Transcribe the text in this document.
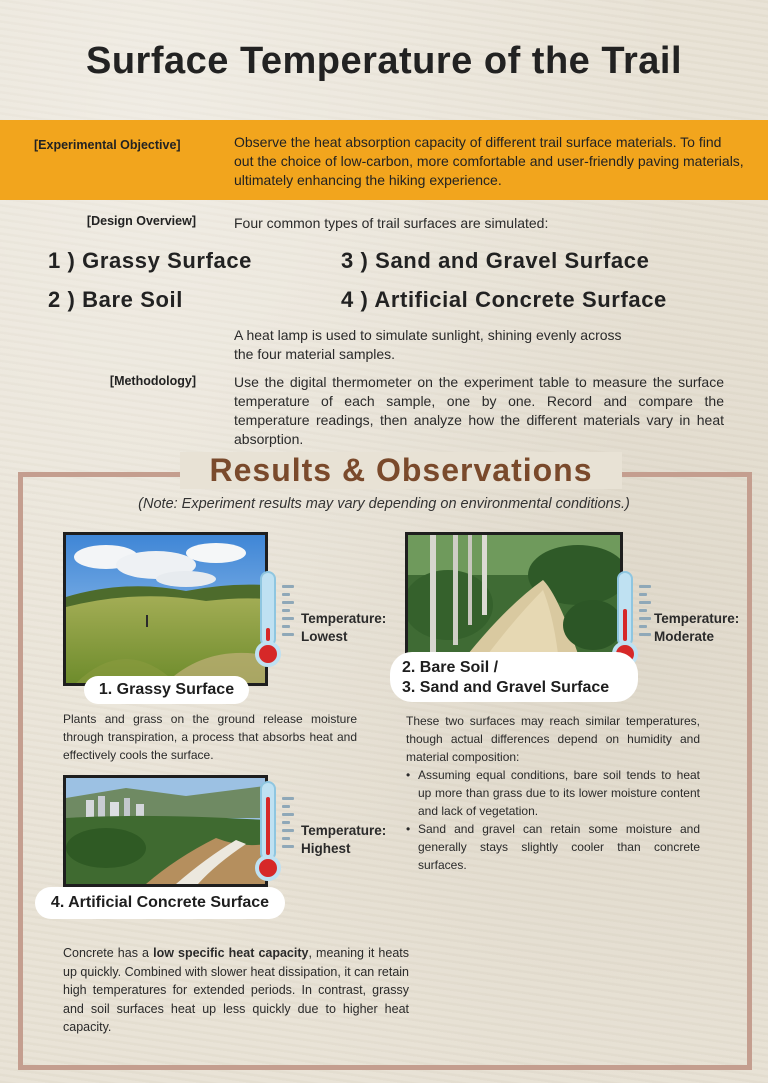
Surface Temperature of the Trail
[Experimental Objective]	Observe the heat absorption capacity of different trail surface materials. To find out the choice of low-carbon, more comfortable and user-friendly paving materials, ultimately enhancing the hiking experience.
[Design Overview]	Four common types of trail surfaces are simulated:
1 ) Grassy Surface
2 ) Bare Soil
3 ) Sand and Gravel Surface
4 ) Artificial Concrete Surface
A heat lamp is used to simulate sunlight, shining evenly across the four material samples.
[Methodology]	Use the digital thermometer on the experiment table to measure the surface temperature of each sample, one by one. Record and compare the temperature readings, then analyze how the different materials vary in heat absorption.
Results & Observations
(Note: Experiment results may vary depending on environmental conditions.)
Temperature:
Lowest
1. Grassy Surface
Plants and grass on the ground release moisture through transpiration, a process that absorbs heat and effectively cools the surface.
Temperature:
Moderate
2. Bare Soil /
3. Sand and Gravel Surface
These two surfaces may reach similar temperatures, though actual differences depend on humidity and material composition:
• Assuming equal conditions, bare soil tends to heat up more than grass due to its lower moisture content and lack of vegetation.
• Sand and gravel can retain some moisture and generally stays slightly cooler than concrete surfaces.
Temperature:
Highest
4. Artificial Concrete Surface
Concrete has a low specific heat capacity, meaning it heats up quickly. Combined with slower heat dissipation, it can retain high temperatures for extended periods. In contrast, grassy and soil surfaces heat up less quickly due to higher heat capacity.
